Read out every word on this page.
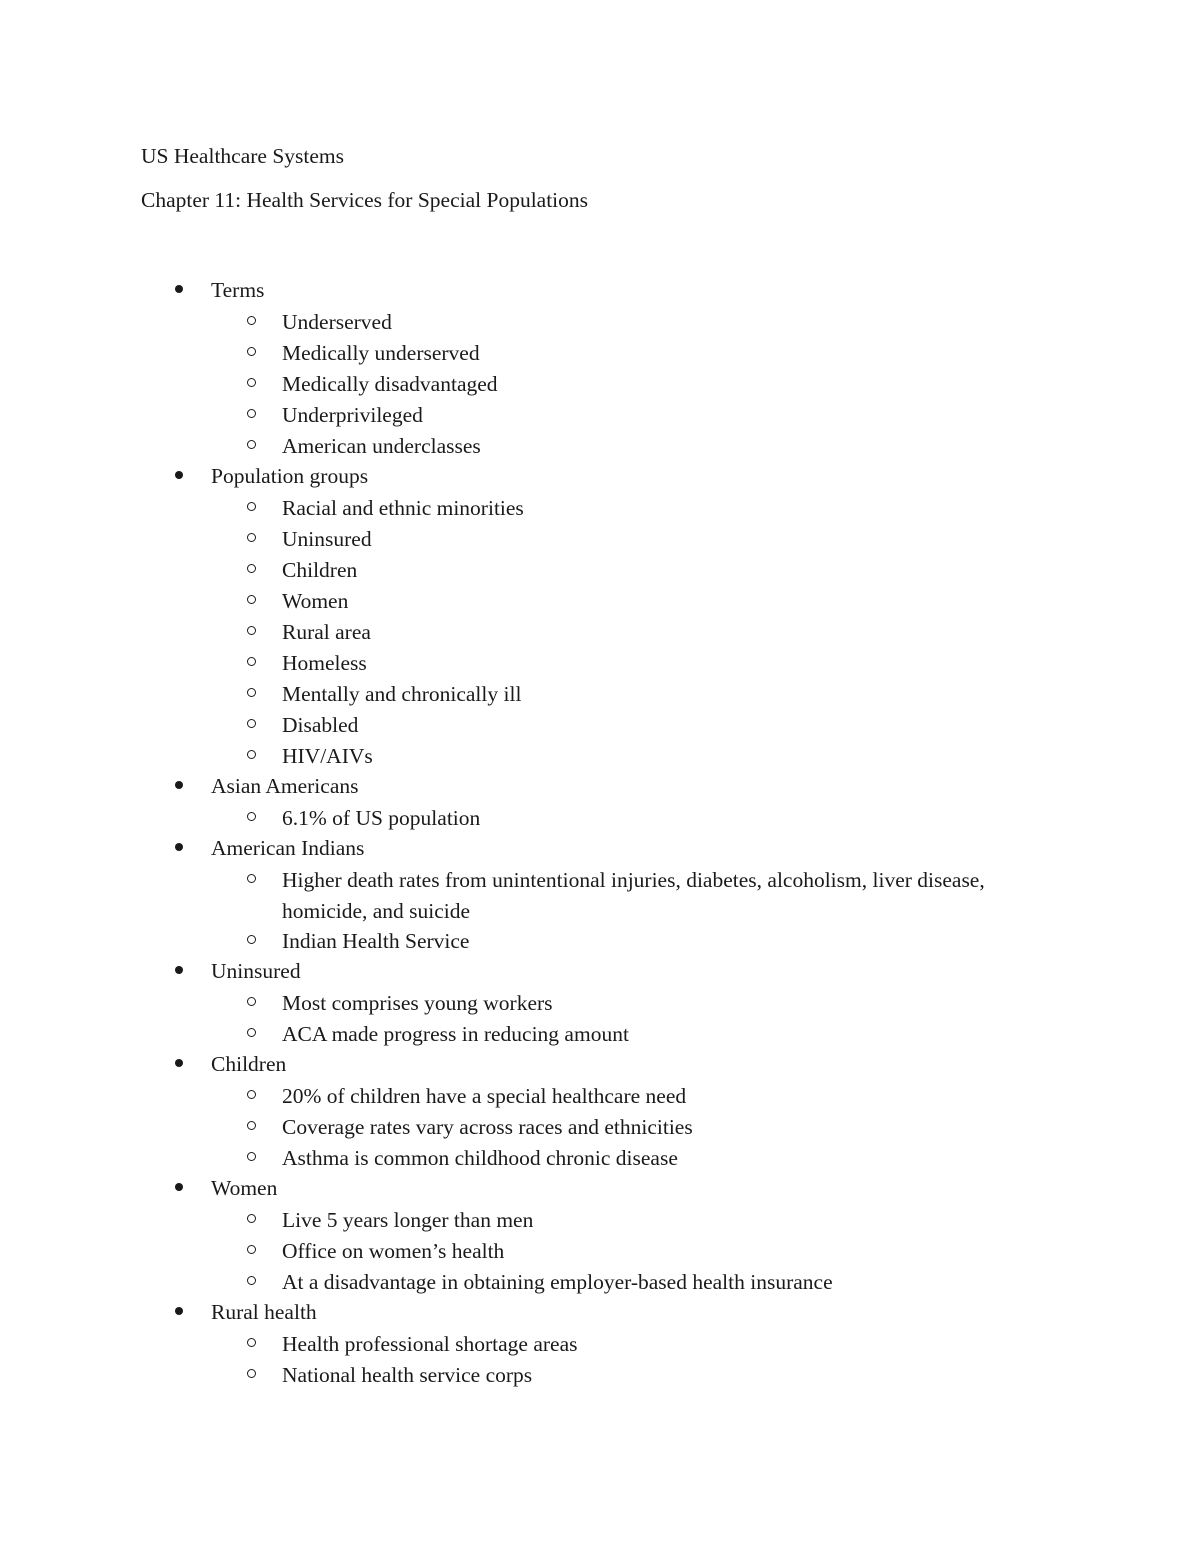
US Healthcare Systems
Chapter 11: Health Services for Special Populations
Terms
Underserved
Medically underserved
Medically disadvantaged
Underprivileged
American underclasses
Population groups
Racial and ethnic minorities
Uninsured
Children
Women
Rural area
Homeless
Mentally and chronically ill
Disabled
HIV/AIVs
Asian Americans
6.1% of US population
American Indians
Higher death rates from unintentional injuries, diabetes, alcoholism, liver disease, homicide, and suicide
Indian Health Service
Uninsured
Most comprises young workers
ACA made progress in reducing amount
Children
20% of children have a special healthcare need
Coverage rates vary across races and ethnicities
Asthma is common childhood chronic disease
Women
Live 5 years longer than men
Office on women’s health
At a disadvantage in obtaining employer-based health insurance
Rural health
Health professional shortage areas
National health service corps
